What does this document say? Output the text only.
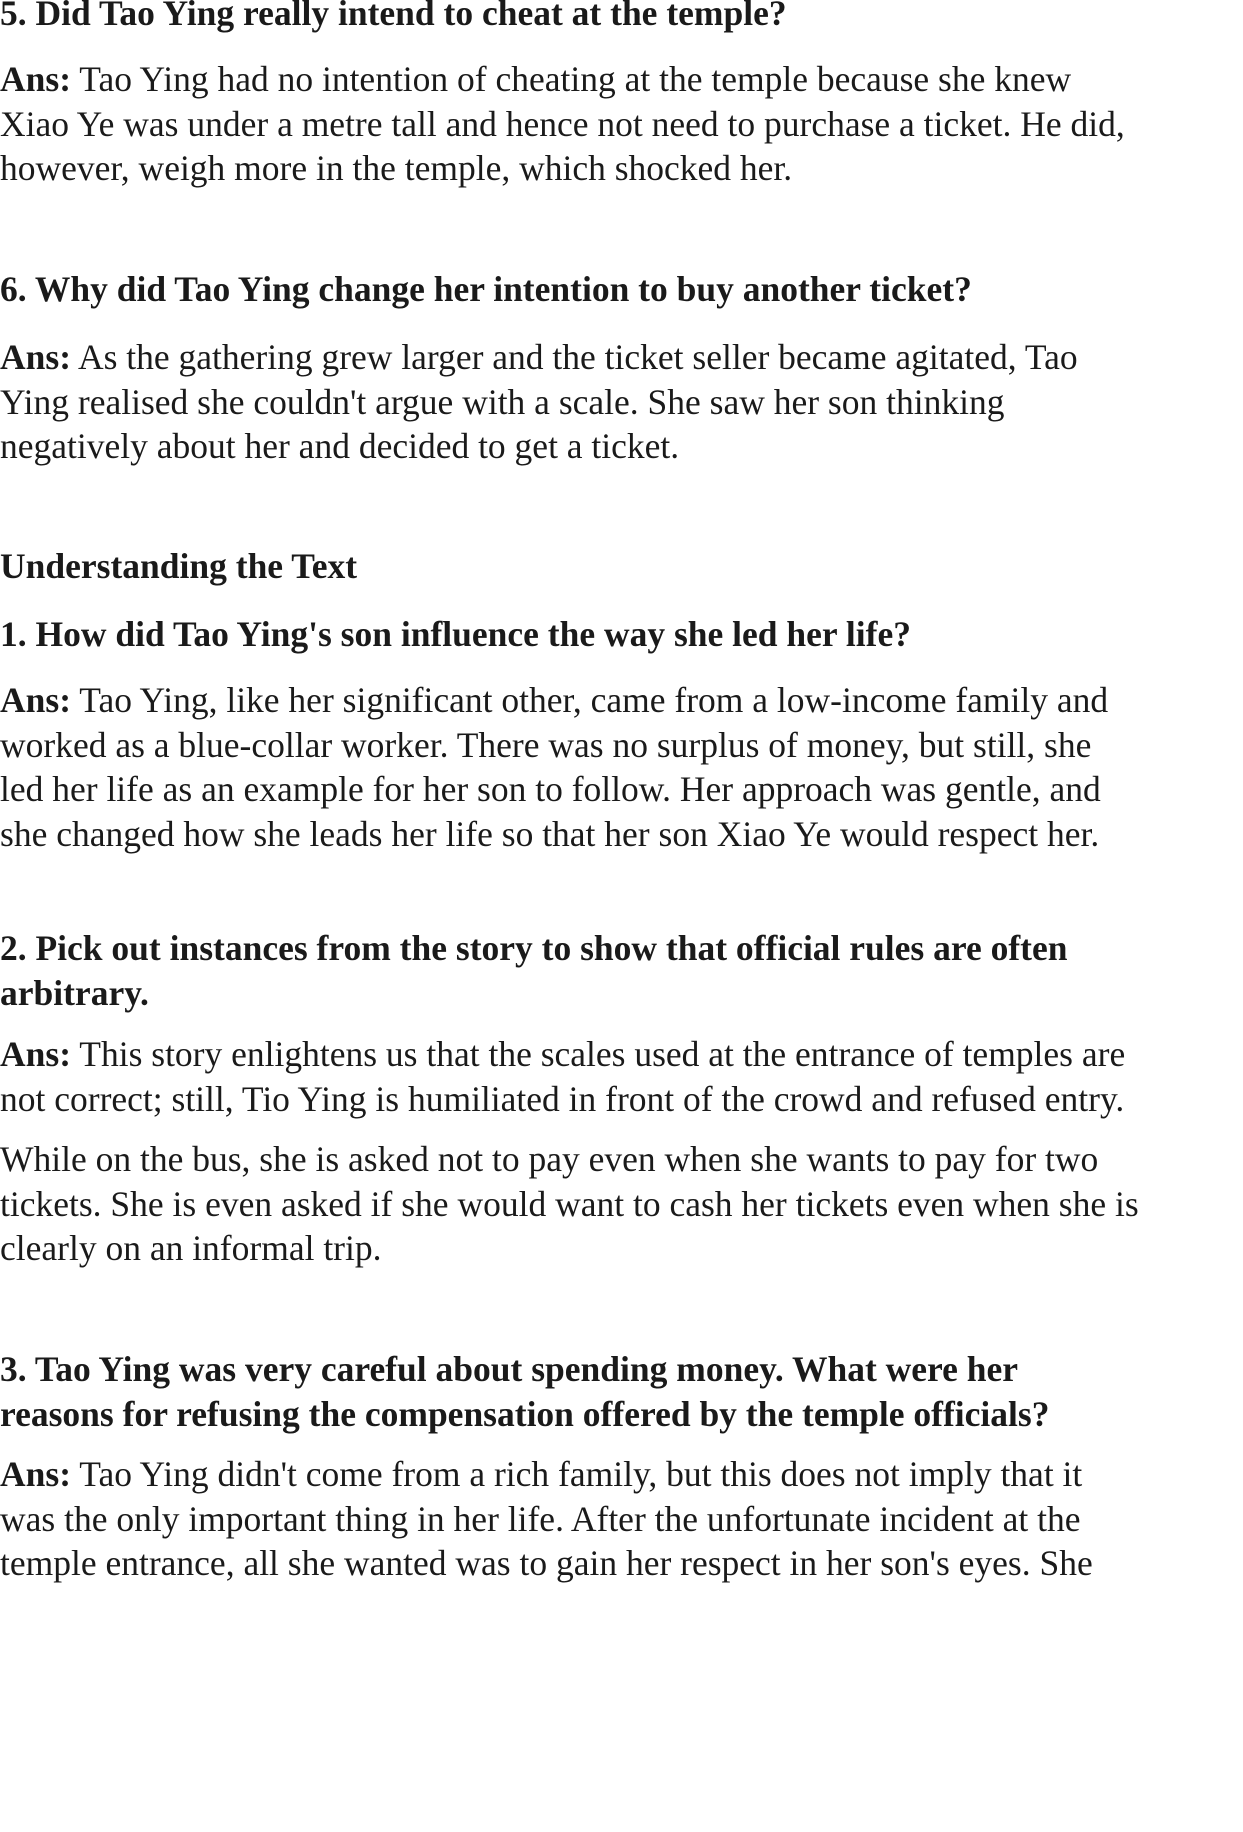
5. Did Tao Ying really intend to cheat at the temple?
Ans: Tao Ying had no intention of cheating at the temple because she knew
Xiao Ye was under a metre tall and hence not need to purchase a ticket. He did,
however, weigh more in the temple, which shocked her.
6. Why did Tao Ying change her intention to buy another ticket?
Ans: As the gathering grew larger and the ticket seller became agitated, Tao
Ying realised she couldn't argue with a scale. She saw her son thinking
negatively about her and decided to get a ticket.
Understanding the Text
1. How did Tao Ying's son influence the way she led her life?
Ans: Tao Ying, like her significant other, came from a low-income family and
worked as a blue-collar worker. There was no surplus of money, but still, she
led her life as an example for her son to follow. Her approach was gentle, and
she changed how she leads her life so that her son Xiao Ye would respect her.
2. Pick out instances from the story to show that official rules are often
arbitrary.
Ans: This story enlightens us that the scales used at the entrance of temples are
not correct; still, Tio Ying is humiliated in front of the crowd and refused entry.
While on the bus, she is asked not to pay even when she wants to pay for two
tickets. She is even asked if she would want to cash her tickets even when she is
clearly on an informal trip.
3. Tao Ying was very careful about spending money. What were her
reasons for refusing the compensation offered by the temple officials?
Ans: Tao Ying didn't come from a rich family, but this does not imply that it
was the only important thing in her life. After the unfortunate incident at the
temple entrance, all she wanted was to gain her respect in her son's eyes. She
